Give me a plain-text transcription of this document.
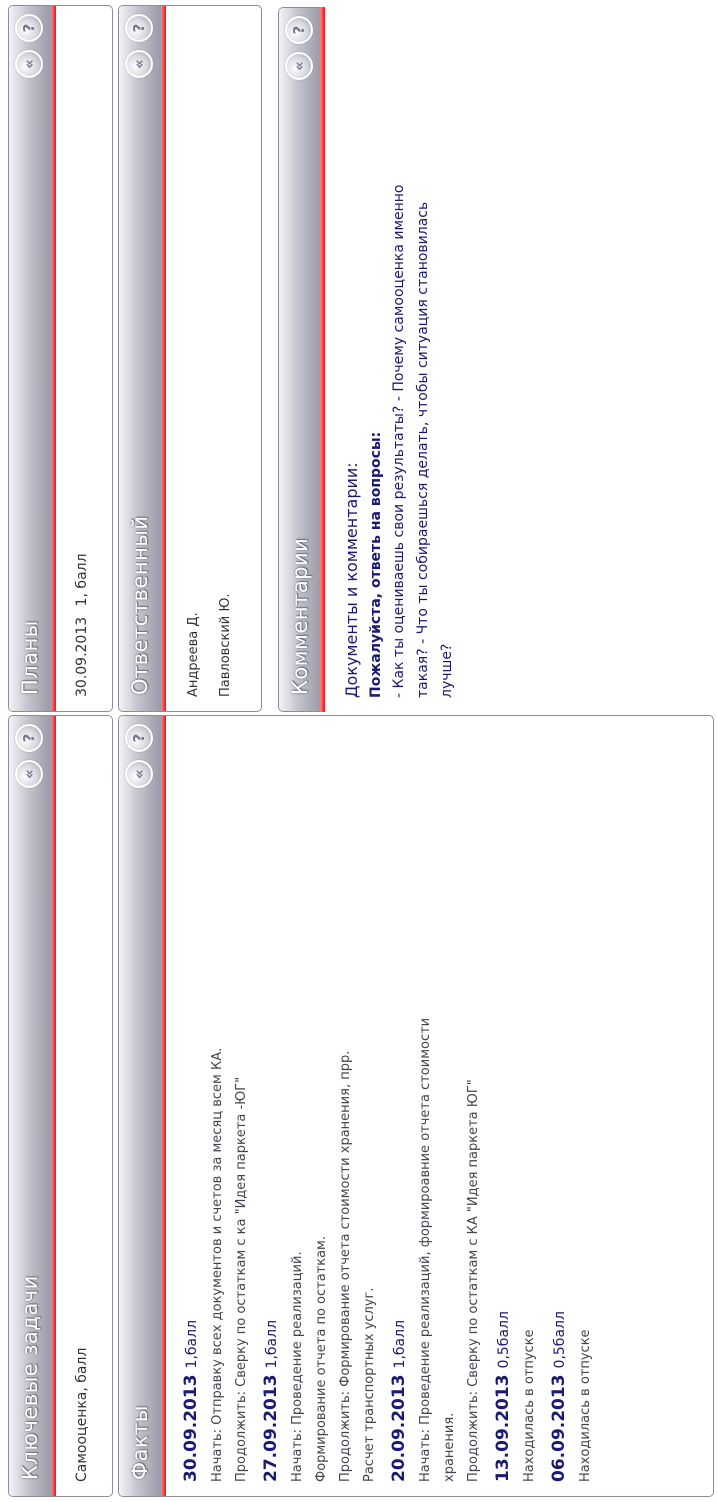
Ключевые задачи
«
?
Самооценка, балл
Планы
«
?
30.09.2013 1, балл
Факты
«
?
30.09.20131,балл Начать: Отправку всех документов и счетов за месяц всем КА. Продолжить: Сверку по остаткам с ка "Идея паркета -ЮГ" 27.09.20131,балл Начать: Проведение реализаций. Формирование отчета по остаткам. Продолжить: Формирование отчета стоимости хранения, прр. Расчет транспортных услуг. 20.09.20131,балл Начать: Проведение реализаций, формироавние отчета стоимости хранения. Продолжить: Сверку по остаткам с КА "Идея паркета ЮГ" 13.09.20130,5балл Находилась в отпуске 06.09.20130,5балл Находилась в отпуске
Ответственный
«
?
Андреева Д.	Павловский Ю.	Комментарии
«
?
Документы и комментарии: Пожалуйста, ответь на вопросы: - Как ты оцениваешь свои результаты? - Почему самооценка именно такая? - Что ты собираешься делать, чтобы ситуация становилась лучше?
